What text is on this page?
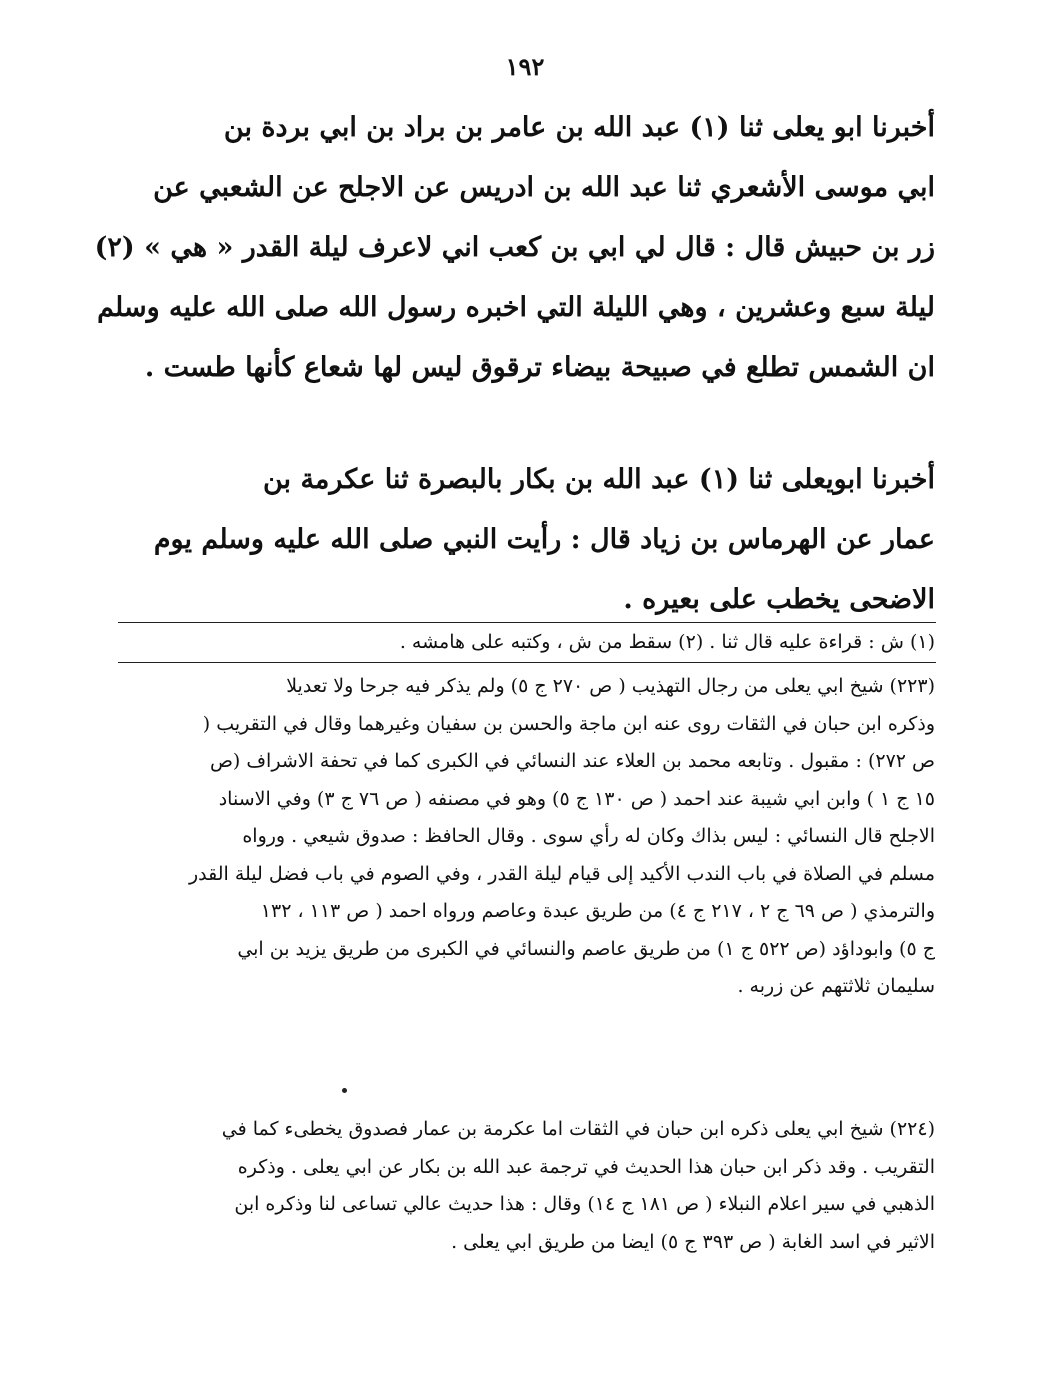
١٩٢
أخبرنا ابو يعلى ثنا (١) عبد الله بن عامر بن براد بن ابي بردة بن
ابي موسى الأشعري ثنا عبد الله بن ادريس عن الاجلح عن الشعبي عن
زر بن حبيش قال : قال لي ابي بن كعب اني لاعرف ليلة القدر « هي » (٢)
ليلة سبع وعشرين ، وهي الليلة التي اخبره رسول الله صلى الله عليه وسلم
ان الشمس تطلع في صبيحة بيضاء ترقوق ليس لها شعاع كأنها طست .
أخبرنا ابويعلى ثنا (١) عبد الله بن بكار بالبصرة ثنا عكرمة بن
عمار عن الهرماس بن زياد قال : رأيت النبي صلى الله عليه وسلم يوم
الاضحى يخطب على بعيره .
(١) ش : قراءة عليه قال ثنا . (٢) سقط من ش ، وكتبه على هامشه .
(٢٢٣) شيخ ابي يعلى من رجال التهذيب ( ص ٢٧٠ ج ٥) ولم يذكر فيه جرحا ولا تعديلا
وذكره ابن حبان في الثقات روى عنه ابن ماجة والحسن بن سفيان وغيرهما وقال في التقريب (
ص ٢٧٢) : مقبول . وتابعه محمد بن العلاء عند النسائي في الكبرى كما في تحفة الاشراف (ص
١٥ ج ١ ) وابن ابي شيبة عند احمد ( ص ١٣٠ ج ٥) وهو في مصنفه ( ص ٧٦ ج ٣) وفي الاسناد
الاجلح قال النسائي : ليس بذاك وكان له رأي سوى . وقال الحافظ : صدوق شيعي . ورواه
مسلم في الصلاة في باب الندب الأكيد إلى قيام ليلة القدر ، وفي الصوم في باب فضل ليلة القدر
والترمذي ( ص ٦٩ ج ٢ ، ٢١٧ ج ٤) من طريق عبدة وعاصم ورواه احمد ( ص ١١٣ ، ١٣٢
ج ٥) وابوداؤد (ص ٥٢٢ ج ١) من طريق عاصم والنسائي في الكبرى من طريق يزيد بن ابي
سليمان ثلاثتهم عن زربه .
(٢٢٤) شيخ ابي يعلى ذكره ابن حبان في الثقات اما عكرمة بن عمار فصدوق يخطىء كما في
التقريب . وقد ذكر ابن حبان هذا الحديث في ترجمة عبد الله بن بكار عن ابي يعلى . وذكره
الذهبي في سير اعلام النبلاء ( ص ١٨١ ج ١٤) وقال : هذا حديث عالي تساعى لنا وذكره ابن
الاثير في اسد الغابة ( ص ٣٩٣ ج ٥) ايضا من طريق ابي يعلى .
